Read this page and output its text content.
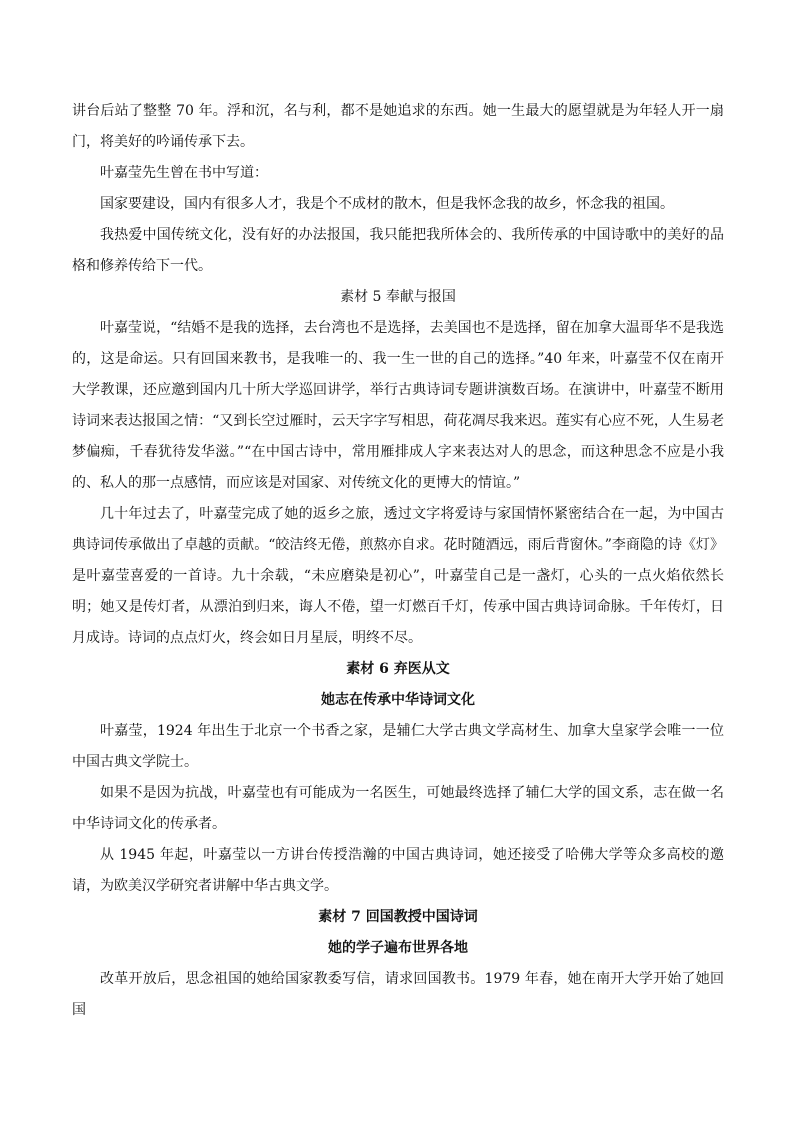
讲台后站了整整 70 年。浮和沉，名与利，都不是她追求的东西。她一生最大的愿望就是为年轻人开一扇门，将美好的吟诵传承下去。

叶嘉莹先生曾在书中写道：

国家要建设，国内有很多人才，我是个不成材的散木，但是我怀念我的故乡，怀念我的祖国。

我热爱中国传统文化，没有好的办法报国，我只能把我所体会的、我所传承的中国诗歌中的美好的品格和修养传给下一代。

素材 5 奉献与报国

叶嘉莹说，“结婚不是我的选择，去台湾也不是选择，去美国也不是选择，留在加拿大温哥华不是我选的，这是命运。只有回国来教书，是我唯一的、我一生一世的自己的选择。”40 年来，叶嘉莹不仅在南开大学教课，还应邀到国内几十所大学巡回讲学，举行古典诗词专题讲演数百场。在演讲中，叶嘉莹不断用诗词来表达报国之情：“又到长空过雁时，云天字字写相思，荷花凋尽我来迟。莲实有心应不死，人生易老梦偏痴，千春犹待发华滋。”“在中国古诗中，常用雁排成人字来表达对人的思念，而这种思念不应是小我的、私人的那一点感情，而应该是对国家、对传统文化的更博大的情谊。”

几十年过去了，叶嘉莹完成了她的返乡之旅，透过文字将爱诗与家国情怀紧密结合在一起，为中国古典诗词传承做出了卓越的贡献。“皎洁终无倦，煎熬亦自求。花时随酒远，雨后背窗休。”李商隐的诗《灯》是叶嘉莹喜爱的一首诗。九十余载，“未应磨染是初心”，叶嘉莹自己是一盏灯，心头的一点火焰依然长明；她又是传灯者，从漂泊到归来，诲人不倦，望一灯燃百千灯，传承中国古典诗词命脉。千年传灯，日月成诗。诗词的点点灯火，终会如日月星辰，明终不尽。

素材 6 弃医从文

她志在传承中华诗词文化

叶嘉莹，1924 年出生于北京一个书香之家，是辅仁大学古典文学高材生、加拿大皇家学会唯一一位中国古典文学院士。

如果不是因为抗战，叶嘉莹也有可能成为一名医生，可她最终选择了辅仁大学的国文系，志在做一名中华诗词文化的传承者。

从 1945 年起，叶嘉莹以一方讲台传授浩瀚的中国古典诗词，她还接受了哈佛大学等众多高校的邀请，为欧美汉学研究者讲解中华古典文学。

素材 7 回国教授中国诗词

她的学子遍布世界各地

改革开放后，思念祖国的她给国家教委写信，请求回国教书。1979 年春，她在南开大学开始了她回国
